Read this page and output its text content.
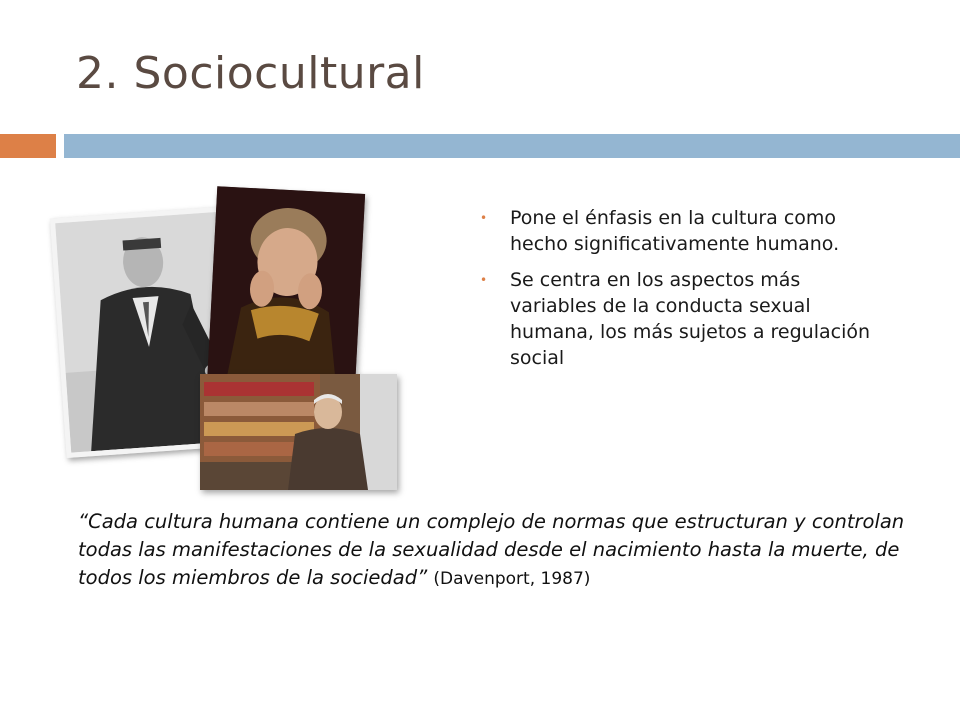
2. Sociocultural
• Pone el énfasis en la cultura como hecho significativamente humano.
• Se centra en los aspectos más variables de la conducta sexual humana, los más sujetos a regulación social
“Cada cultura humana contiene un complejo de normas que estructuran y controlan todas las manifestaciones de la sexualidad desde el nacimiento hasta la muerte, de todos los miembros de la sociedad” (Davenport, 1987)
